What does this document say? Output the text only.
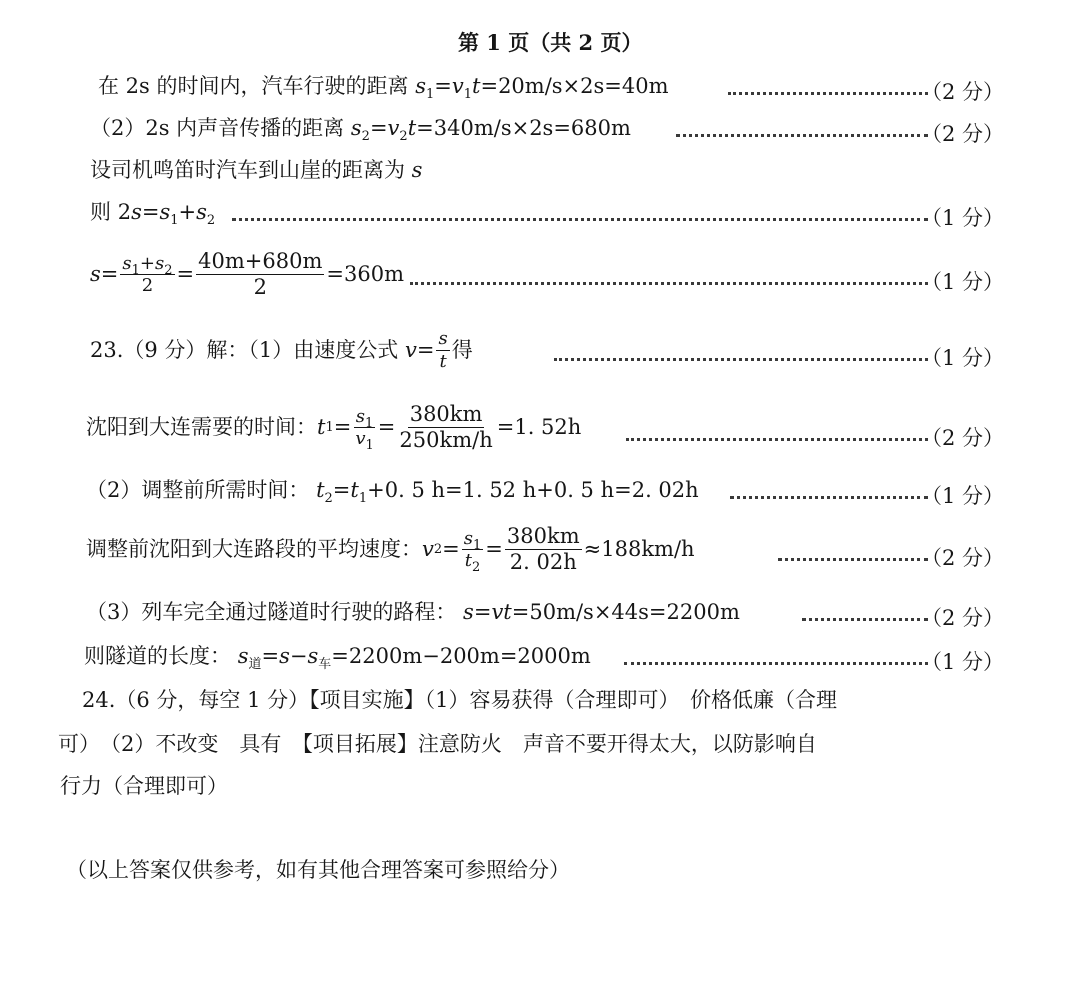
第 1 页（共 2 页）
在 2s 的时间内，汽车行驶的距离 $s_1=v_1t=20m/s\times 2s=40m$	（2 分）
（2）2s 内声音传播的距离 $s_2=v_2t=340m/s\times 2s=680m$	（2 分）
设司机鸣笛时汽车到山崖的距离为 s
则 $2s=s_1+s_2$	（1 分）
$s = \frac{s_1+s_2}{2} = \frac{40m+680m}{2} =360m$	（1 分）
23.（9 分）解：（1）由速度公式 $v = \frac{s}{t}$ 得	（1 分）
沈阳到大连需要的时间： t $1 = \frac{s_1}{v_1} = \frac{380km}{250km/h} =1$. 52h	（2 分）
（2）调整前所需时间： $t_2=t_1+0$. 5 h=1. 52 h+0. 5 h=2. 02h	（1 分）
调整前沈阳到大连路段的平均速度： v $2 = \frac{s_1}{t_2} = \frac{380km}{2. 02h} \approx 188km/h$	（2 分）
（3）列车完全通过隧道时行驶的路程： s=vt=50m/s×44s=2200m	（2 分）
则隧道的长度： $s_道=s-s_车=2200m-200m=2000m$	（1 分）
24.（6 分，每空 1 分）【项目实施】（1）容易获得（合理即可）　价格低廉（合理
可）　（2）不改变　具有　【项目拓展】注意防火　声音不要开得太大，以防影响自
行力（合理即可）
（以上答案仅供参考，如有其他合理答案可参照给分）
